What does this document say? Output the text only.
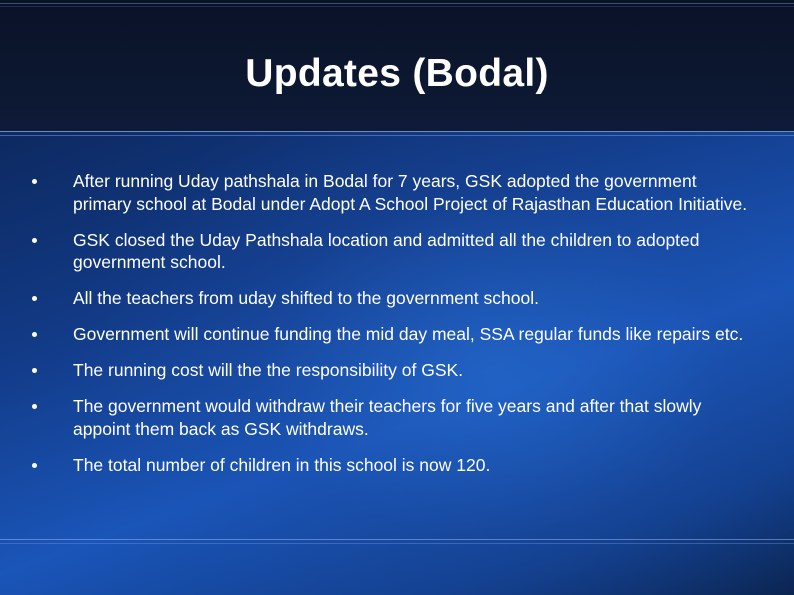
Updates (Bodal)
After running Uday pathshala in Bodal for 7 years, GSK adopted the government primary school at Bodal under Adopt A School Project of Rajasthan Education Initiative.
GSK closed the Uday Pathshala location and admitted all the children to adopted government school.
All the teachers from uday shifted to the government school.
Government will continue funding the mid day meal, SSA regular funds like repairs etc.
The running cost will the the responsibility of GSK.
The government would withdraw their teachers for five years and after that slowly appoint them back as GSK withdraws.
The total number of children in this school is now 120.
